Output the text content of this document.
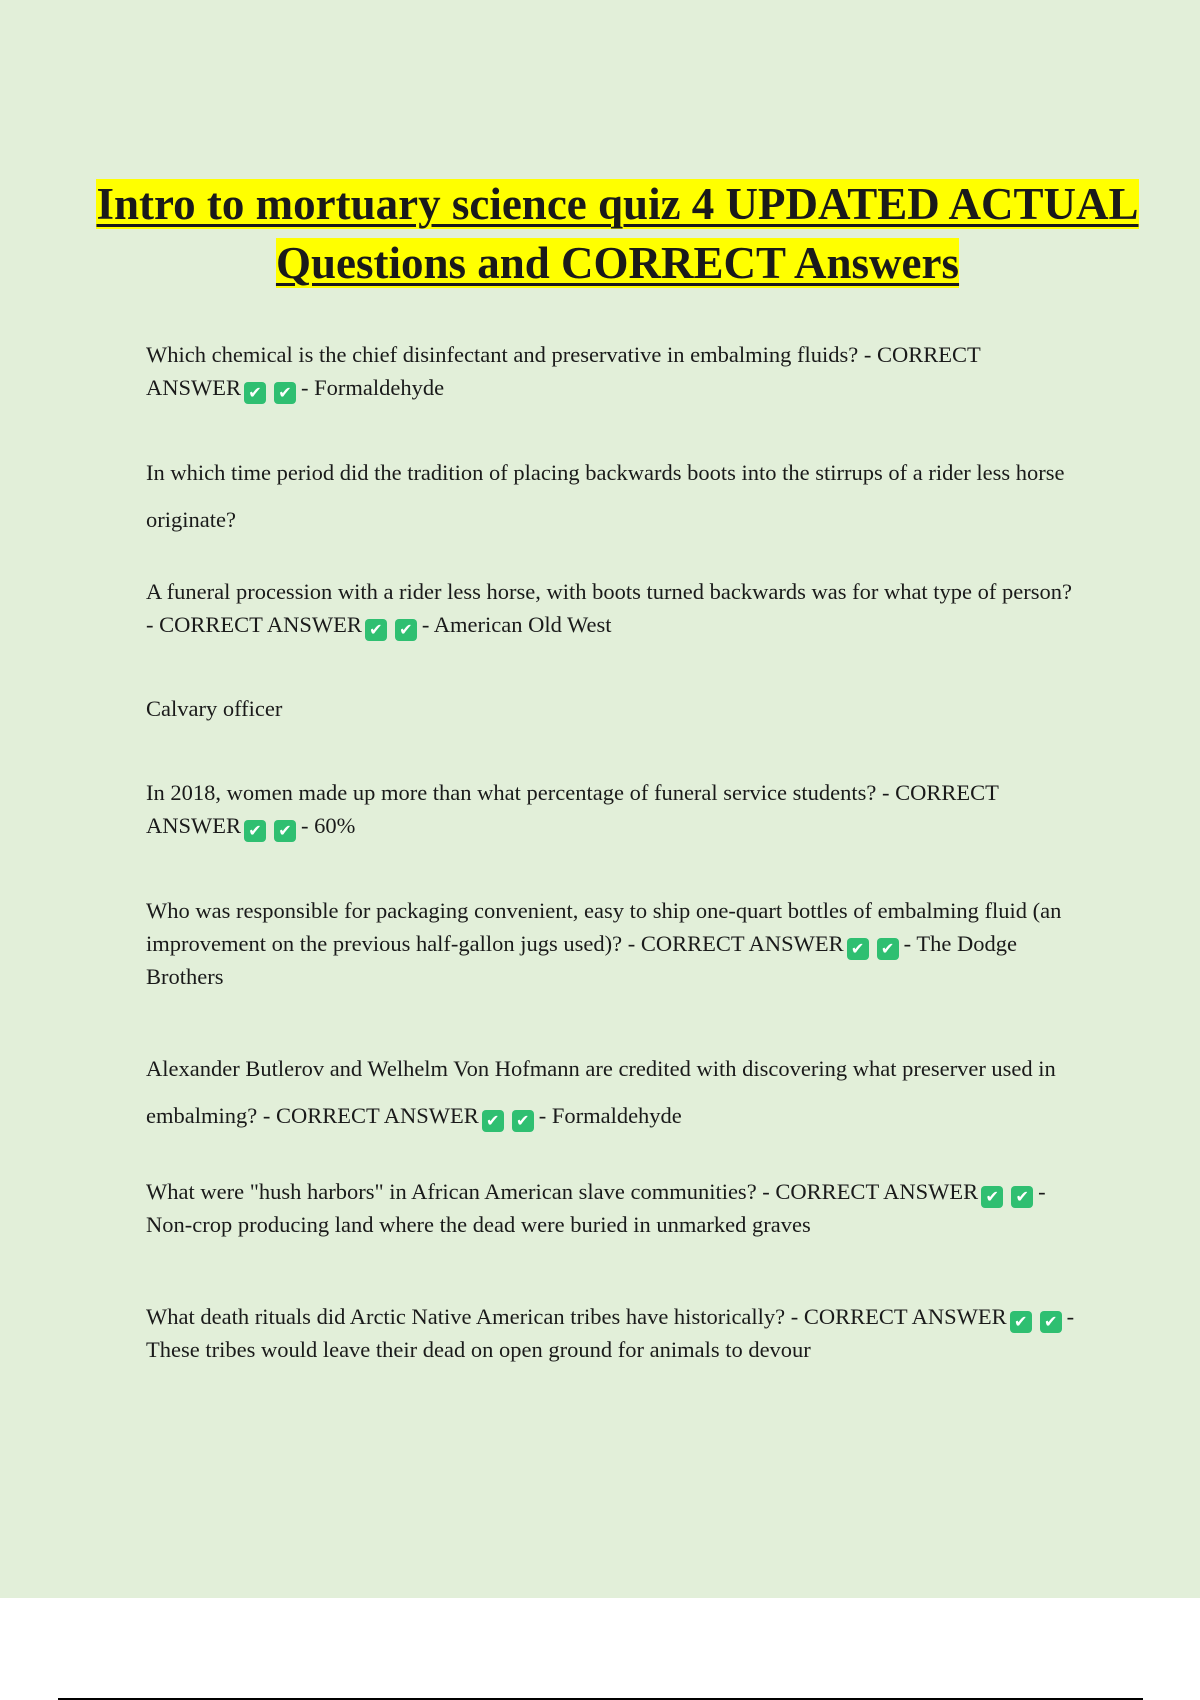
Intro to mortuary science quiz 4 UPDATED ACTUAL Questions and CORRECT Answers

Which chemical is the chief disinfectant and preservative in embalming fluids? - CORRECT ANSWER ✔ ✔ - Formaldehyde

In which time period did the tradition of placing backwards boots into the stirrups of a rider less horse originate?

A funeral procession with a rider less horse, with boots turned backwards was for what type of person? - CORRECT ANSWER ✔ ✔ - American Old West

Calvary officer

In 2018, women made up more than what percentage of funeral service students? - CORRECT ANSWER ✔ ✔ - 60%

Who was responsible for packaging convenient, easy to ship one-quart bottles of embalming fluid (an improvement on the previous half-gallon jugs used)? - CORRECT ANSWER ✔ ✔ - The Dodge Brothers

Alexander Butlerov and Welhelm Von Hofmann are credited with discovering what preserver used in embalming? - CORRECT ANSWER ✔ ✔ - Formaldehyde

What were "hush harbors" in African American slave communities? - CORRECT ANSWER ✔ ✔ - Non-crop producing land where the dead were buried in unmarked graves

What death rituals did Arctic Native American tribes have historically? - CORRECT ANSWER ✔ ✔ - These tribes would leave their dead on open ground for animals to devour
